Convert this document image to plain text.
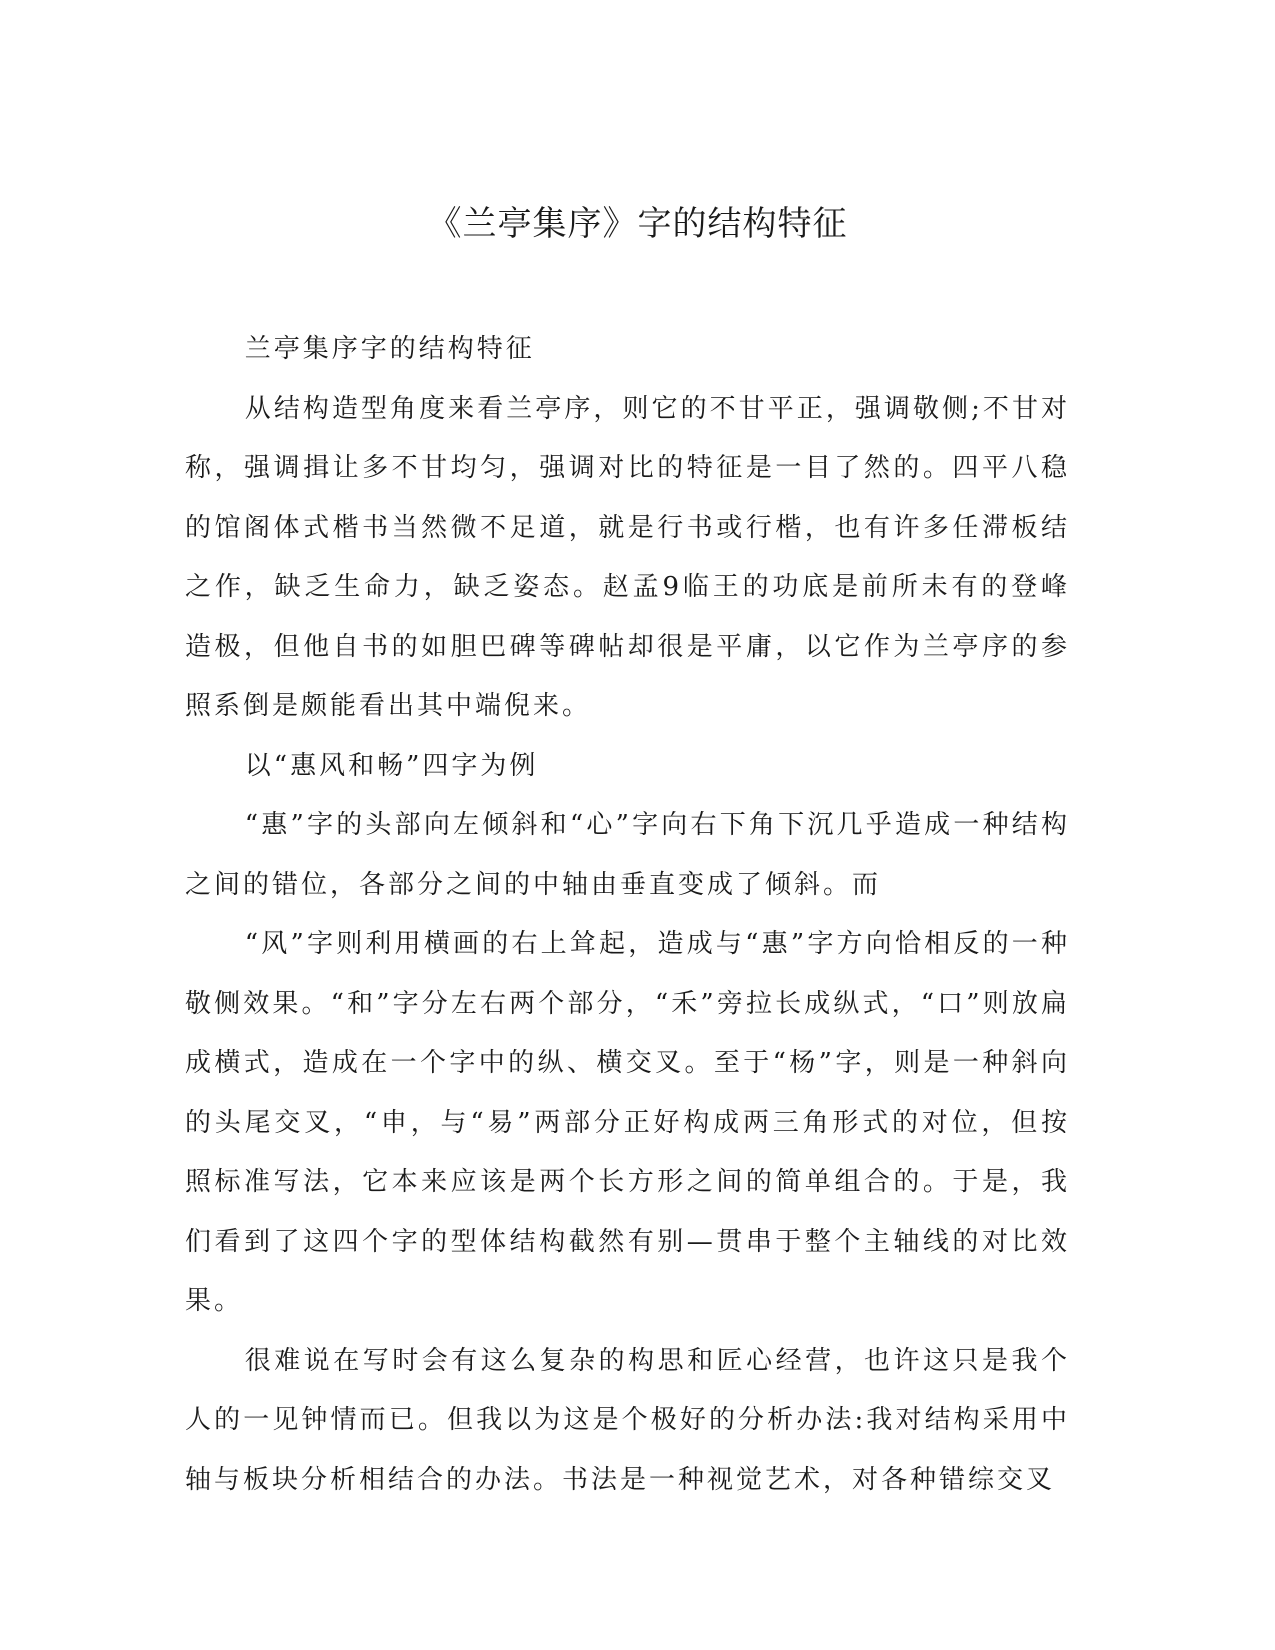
《兰亭集序》字的结构特征

兰亭集序字的结构特征

从结构造型角度来看兰亭序，则它的不甘平正，强调敬侧;不甘对称，强调揖让多不甘均匀，强调对比的特征是一目了然的。四平八稳的馆阁体式楷书当然微不足道，就是行书或行楷，也有许多任滞板结之作，缺乏生命力，缺乏姿态。赵孟9临王的功底是前所未有的登峰造极，但他自书的如胆巴碑等碑帖却很是平庸，以它作为兰亭序的参照系倒是颇能看出其中端倪来。

以“惠风和畅”四字为例

“惠”字的头部向左倾斜和“心”字向右下角下沉几乎造成一种结构之间的错位，各部分之间的中轴由垂直变成了倾斜。而

“风”字则利用横画的右上耸起，造成与“惠”字方向恰相反的一种敬侧效果。“和”字分左右两个部分，“禾”旁拉长成纵式，“口”则放扁成横式，造成在一个字中的纵、横交叉。至于“杨”字，则是一种斜向的头尾交叉，“申，与“易”两部分正好构成两三角形式的对位，但按照标准写法，它本来应该是两个长方形之间的简单组合的。于是，我们看到了这四个字的型体结构截然有别—贯串于整个主轴线的对比效果。

很难说在写时会有这么复杂的构思和匠心经营，也许这只是我个人的一见钟情而已。但我以为这是个极好的分析办法:我对结构采用中轴与板块分析相结合的办法。书法是一种视觉艺术，对各种错综交叉
